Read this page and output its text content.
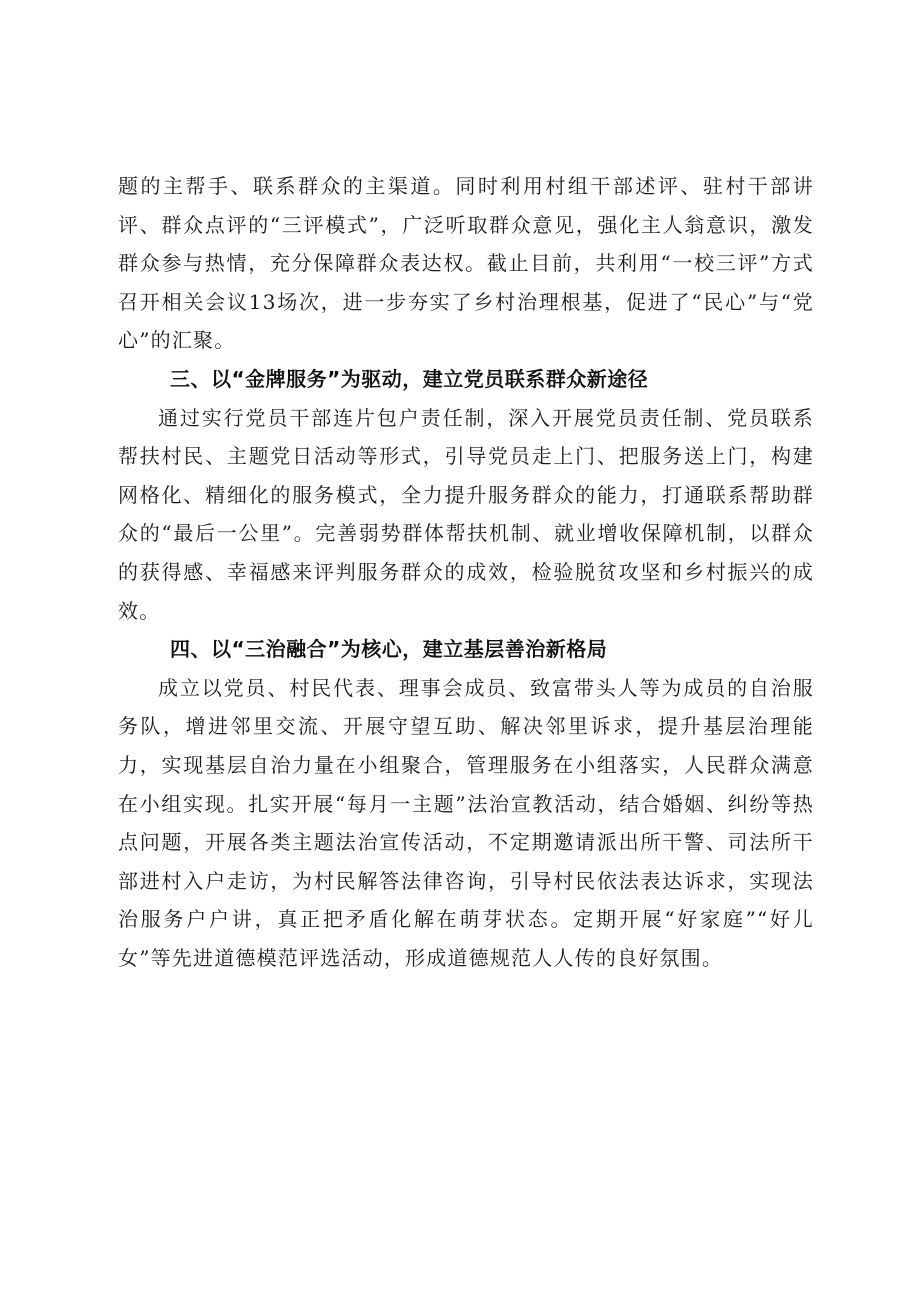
题的主帮手、联系群众的主渠道。同时利用村组干部述评、驻村干部讲评、群众点评的“三评模式”，广泛听取群众意见，强化主人翁意识，激发群众参与热情，充分保障群众表达权。截止目前，共利用“一校三评”方式召开相关会议13场次，进一步夯实了乡村治理根基，促进了“民心”与“党心”的汇聚。

三、以“金牌服务”为驱动，建立党员联系群众新途径

通过实行党员干部连片包户责任制，深入开展党员责任制、党员联系帮扶村民、主题党日活动等形式，引导党员走上门、把服务送上门，构建网格化、精细化的服务模式，全力提升服务群众的能力，打通联系帮助群众的“最后一公里”。完善弱势群体帮扶机制、就业增收保障机制，以群众的获得感、幸福感来评判服务群众的成效，检验脱贫攻坚和乡村振兴的成效。

四、以“三治融合”为核心，建立基层善治新格局

成立以党员、村民代表、理事会成员、致富带头人等为成员的自治服务队，增进邻里交流、开展守望互助、解决邻里诉求，提升基层治理能力，实现基层自治力量在小组聚合，管理服务在小组落实，人民群众满意在小组实现。扎实开展“每月一主题”法治宣教活动，结合婚姻、纠纷等热点问题，开展各类主题法治宣传活动，不定期邀请派出所干警、司法所干部进村入户走访，为村民解答法律咨询，引导村民依法表达诉求，实现法治服务户户讲，真正把矛盾化解在萌芽状态。定期开展“好家庭”“好儿女”等先进道德模范评选活动，形成道德规范人人传的良好氛围。
